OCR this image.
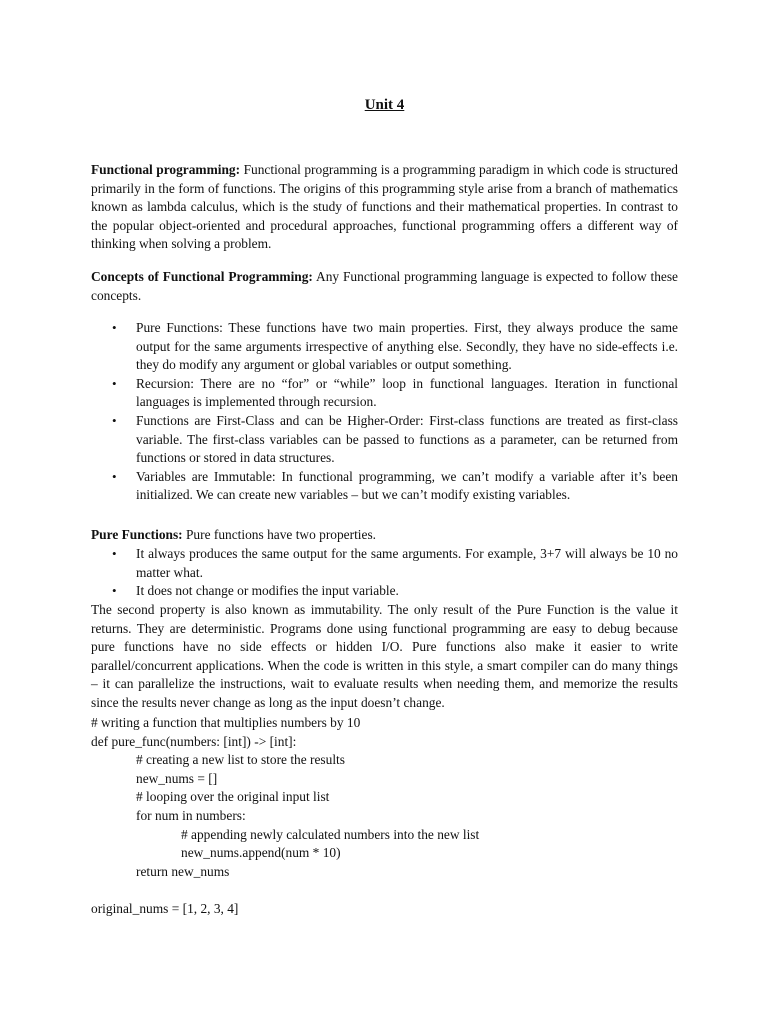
Unit 4

Functional programming: Functional programming is a programming paradigm in which code is structured primarily in the form of functions. The origins of this programming style arise from a branch of mathematics known as lambda calculus, which is the study of functions and their mathematical properties. In contrast to the popular object-oriented and procedural approaches, functional programming offers a different way of thinking when solving a problem.

Concepts of Functional Programming: Any Functional programming language is expected to follow these concepts.

• Pure Functions: These functions have two main properties. First, they always produce the same output for the same arguments irrespective of anything else. Secondly, they have no side-effects i.e. they do modify any argument or global variables or output something.
• Recursion: There are no “for” or “while” loop in functional languages. Iteration in functional languages is implemented through recursion.
• Functions are First-Class and can be Higher-Order: First-class functions are treated as first-class variable. The first-class variables can be passed to functions as a parameter, can be returned from functions or stored in data structures.
• Variables are Immutable: In functional programming, we can’t modify a variable after it’s been initialized. We can create new variables – but we can’t modify existing variables.

Pure Functions: Pure functions have two properties.

• It always produces the same output for the same arguments. For example, 3+7 will always be 10 no matter what.
• It does not change or modifies the input variable.

The second property is also known as immutability. The only result of the Pure Function is the value it returns. They are deterministic. Programs done using functional programming are easy to debug because pure functions have no side effects or hidden I/O. Pure functions also make it easier to write parallel/concurrent applications. When the code is written in this style, a smart compiler can do many things – it can parallelize the instructions, wait to evaluate results when needing them, and memorize the results since the results never change as long as the input doesn’t change.

# writing a function that multiplies numbers by 10
def pure_func(numbers: [int]) -> [int]:
# creating a new list to store the results
new_nums = []
# looping over the original input list
for num in numbers:
# appending newly calculated numbers into the new list
new_nums.append(num * 10)
return new_nums
original_nums = [1, 2, 3, 4]
